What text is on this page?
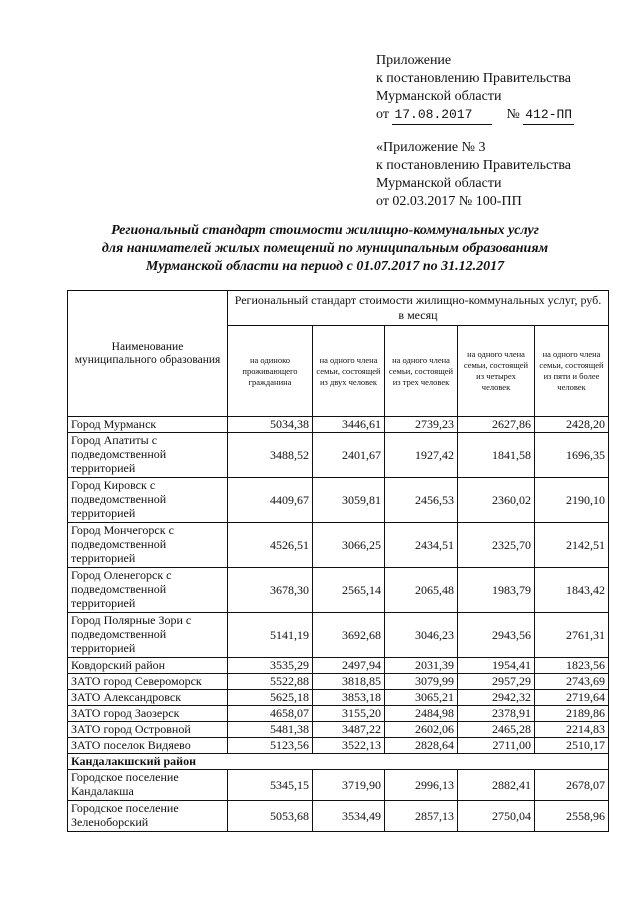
Приложение
к постановлению Правительства
Мурманской области
от 17.08.2017 № 412-ПП
«Приложение № 3
к постановлению Правительства
Мурманской области
от 02.03.2017 № 100-ПП
Региональный стандарт стоимости жилищно-коммунальных услуг
для нанимателей жилых помещений по муниципальным образованиям
Мурманской области на период с 01.07.2017 по 31.12.2017
Наименование муниципального образования	Региональный стандарт стоимости жилищно-коммунальных услуг, руб. в месяц				
	на одиноко проживающего гражданина	на одного члена семьи, состоящей из двух человек	на одного члена семьи, состоящей из трех человек	на одного члена семьи, состоящей из четырех человек	на одного члена семьи, состоящей из пяти и более человек
Город Мурманск	5034,38	3446,61	2739,23	2627,86	2428,20
Город Апатиты с подведомственной территорией	3488,52	2401,67	1927,42	1841,58	1696,35
Город Кировск с подведомственной территорией	4409,67	3059,81	2456,53	2360,02	2190,10
Город Мончегорск с подведомственной территорией	4526,51	3066,25	2434,51	2325,70	2142,51
Город Оленегорск с подведомственной территорией	3678,30	2565,14	2065,48	1983,79	1843,42
Город Полярные Зори с подведомственной территорией	5141,19	3692,68	3046,23	2943,56	2761,31
Ковдорский район	3535,29	2497,94	2031,39	1954,41	1823,56
ЗАТО город Североморск	5522,88	3818,85	3079,99	2957,29	2743,69
ЗАТО Александровск	5625,18	3853,18	3065,21	2942,32	2719,64
ЗАТО город Заозерск	4658,07	3155,20	2484,98	2378,91	2189,86
ЗАТО город Островной	5481,38	3487,22	2602,06	2465,28	2214,83
ЗАТО поселок Видяево	5123,56	3522,13	2828,64	2711,00	2510,17
Кандалакшский район					
Городское поселение Кандалакша	5345,15	3719,90	2996,13	2882,41	2678,07
Городское поселение Зеленоборский	5053,68	3534,49	2857,13	2750,04	2558,96
